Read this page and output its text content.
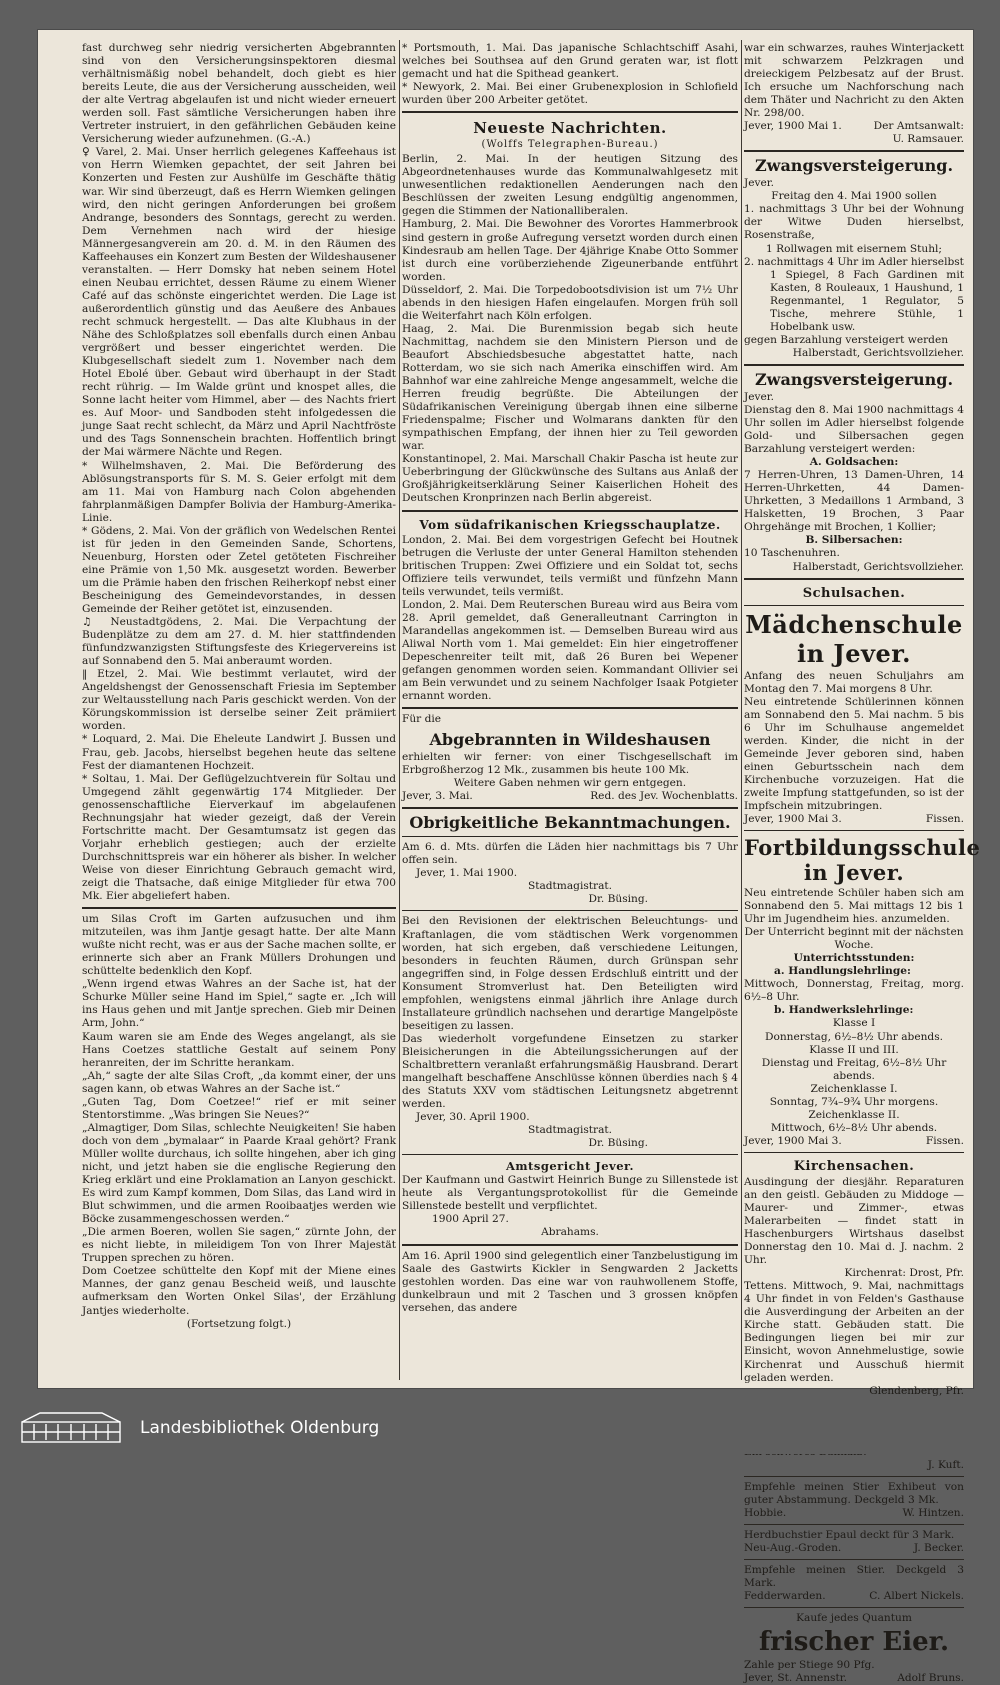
fast durchweg sehr niedrig versicherten Abgebrannten sind von den Versicherungsinspektoren diesmal verhältnismäßig nobel behandelt, doch giebt es hier bereits Leute, die aus der Versicherung ausscheiden, weil der alte Vertrag abgelaufen ist und nicht wieder erneuert werden soll. Fast sämtliche Versicherungen haben ihre Vertreter instruiert, in den gefährlichen Gebäuden keine Versicherung wieder aufzunehmen. (G.-A.)

♀ Varel, 2. Mai. Unser herrlich gelegenes Kaffeehaus ist von Herrn Wiemken gepachtet, der seit Jahren bei Konzerten und Festen zur Aushülfe im Geschäfte thätig war. Wir sind überzeugt, daß es Herrn Wiemken gelingen wird, den nicht geringen Anforderungen bei großem Andrange, besonders des Sonntags, gerecht zu werden. Dem Vernehmen nach wird der hiesige Männergesangverein am 20. d. M. in den Räumen des Kaffeehauses ein Konzert zum Besten der Wildeshausener veranstalten. — Herr Domsky hat neben seinem Hotel einen Neubau errichtet, dessen Räume zu einem Wiener Café auf das schönste eingerichtet werden. Die Lage ist außerordentlich günstig und das Aeußere des Anbaues recht schmuck hergestellt. — Das alte Klubhaus in der Nähe des Schloßplatzes soll ebenfalls durch einen Anbau vergrößert und besser eingerichtet werden. Die Klubgesellschaft siedelt zum 1. November nach dem Hotel Ebolé über. Gebaut wird überhaupt in der Stadt recht rührig. — Im Walde grünt und knospet alles, die Sonne lacht heiter vom Himmel, aber — des Nachts friert es. Auf Moor- und Sandboden steht infolgedessen die junge Saat recht schlecht, da März und April Nachtfröste und des Tags Sonnenschein brachten. Hoffentlich bringt der Mai wärmere Nächte und Regen.

* Wilhelmshaven, 2. Mai. Die Beförderung des Ablösungstransports für S. M. S. Geier erfolgt mit dem am 11. Mai von Hamburg nach Colon abgehenden fahrplanmäßigen Dampfer Bolivia der Hamburg-Amerika-Linie.

* Gödens, 2. Mai. Von der gräflich von Wedelschen Rentei ist für jeden in den Gemeinden Sande, Schortens, Neuenburg, Horsten oder Zetel getöteten Fischreiher eine Prämie von 1,50 Mk. ausgesetzt worden. Bewerber um die Prämie haben den frischen Reiherkopf nebst einer Bescheinigung des Gemeindevorstandes, in dessen Gemeinde der Reiher getötet ist, einzusenden.

♫ Neustadtgödens, 2. Mai. Die Verpachtung der Budenplätze zu dem am 27. d. M. hier stattfindenden fünfundzwanzigsten Stiftungsfeste des Kriegervereins ist auf Sonnabend den 5. Mai anberaumt worden.

‖ Etzel, 2. Mai. Wie bestimmt verlautet, wird der Angeldshengst der Genossenschaft Friesia im September zur Weltausstellung nach Paris geschickt werden. Von der Körungskommission ist derselbe seiner Zeit prämiiert worden.

* Loquard, 2. Mai. Die Eheleute Landwirt J. Bussen und Frau, geb. Jacobs, hierselbst begehen heute das seltene Fest der diamantenen Hochzeit.

* Soltau, 1. Mai. Der Geflügelzuchtverein für Soltau und Umgegend zählt gegenwärtig 174 Mitglieder. Der genossenschaftliche Eierverkauf im abgelaufenen Rechnungsjahr hat wieder gezeigt, daß der Verein Fortschritte macht. Der Gesamtumsatz ist gegen das Vorjahr erheblich gestiegen; auch der erzielte Durchschnittspreis war ein höherer als bisher. In welcher Weise von dieser Einrichtung Gebrauch gemacht wird, zeigt die Thatsache, daß einige Mitglieder für etwa 700 Mk. Eier abgeliefert haben.

um Silas Croft im Garten aufzusuchen und ihm mitzuteilen, was ihm Jantje gesagt hatte. Der alte Mann wußte nicht recht, was er aus der Sache machen sollte, er erinnerte sich aber an Frank Müllers Drohungen und schüttelte bedenklich den Kopf.

„Wenn irgend etwas Wahres an der Sache ist, hat der Schurke Müller seine Hand im Spiel,“ sagte er. „Ich will ins Haus gehen und mit Jantje sprechen. Gieb mir Deinen Arm, John.“

Kaum waren sie am Ende des Weges angelangt, als sie Hans Coetzes stattliche Gestalt auf seinem Pony heranreiten, der im Schritte herankam.

„Ah,“ sagte der alte Silas Croft, „da kommt einer, der uns sagen kann, ob etwas Wahres an der Sache ist.“

„Guten Tag, Dom Coetzee!“ rief er mit seiner Stentorstimme. „Was bringen Sie Neues?“

„Almagtiger, Dom Silas, schlechte Neuigkeiten! Sie haben doch von dem „bymalaar“ in Paarde Kraal gehört? Frank Müller wollte durchaus, ich sollte hingehen, aber ich ging nicht, und jetzt haben sie die englische Regierung den Krieg erklärt und eine Proklamation an Lanyon geschickt. Es wird zum Kampf kommen, Dom Silas, das Land wird in Blut schwimmen, und die armen Rooibaatjes werden wie Böcke zusammengeschossen werden.“

„Die armen Boeren, wollen Sie sagen,“ zürnte John, der es nicht liebte, in mileidigem Ton von Ihrer Majestät Truppen sprechen zu hören.

Dom Coetzee schüttelte den Kopf mit der Miene eines Mannes, der ganz genau Bescheid weiß, und lauschte aufmerksam den Worten Onkel Silas', der Erzählung Jantjes wiederholte.

(Fortsetzung folgt.)

* Portsmouth, 1. Mai. Das japanische Schlachtschiff Asahi, welches bei Southsea auf den Grund geraten war, ist flott gemacht und hat die Spithead geankert.

* Newyork, 2. Mai. Bei einer Grubenexplosion in Schlofield wurden über 200 Arbeiter getötet.

Neueste Nachrichten.
(Wolffs Telegraphen-Bureau.)

Berlin, 2. Mai. In der heutigen Sitzung des Abgeordnetenhauses wurde das Kommunalwahlgesetz mit unwesentlichen redaktionellen Aenderungen nach den Beschlüssen der zweiten Lesung endgültig angenommen, gegen die Stimmen der Nationalliberalen.

Hamburg, 2. Mai. Die Bewohner des Vorortes Hammerbrook sind gestern in große Aufregung versetzt worden durch einen Kindesraub am hellen Tage. Der 4jährige Knabe Otto Sommer ist durch eine vorüberziehende Zigeunerbande entführt worden.

Düsseldorf, 2. Mai. Die Torpedobootsdivision ist um 7½ Uhr abends in den hiesigen Hafen eingelaufen. Morgen früh soll die Weiterfahrt nach Köln erfolgen.

Haag, 2. Mai. Die Burenmission begab sich heute Nachmittag, nachdem sie den Ministern Pierson und de Beaufort Abschiedsbesuche abgestattet hatte, nach Rotterdam, wo sie sich nach Amerika einschiffen wird. Am Bahnhof war eine zahlreiche Menge angesammelt, welche die Herren freudig begrüßte. Die Abteilungen der Südafrikanischen Vereinigung übergab ihnen eine silberne Friedenspalme; Fischer und Wolmarans dankten für den sympathischen Empfang, der ihnen hier zu Teil geworden war.

Konstantinopel, 2. Mai. Marschall Chakir Pascha ist heute zur Ueberbringung der Glückwünsche des Sultans aus Anlaß der Großjährigkeitserklärung Seiner Kaiserlichen Hoheit des Deutschen Kronprinzen nach Berlin abgereist.

Vom südafrikanischen Kriegsschauplatze.

London, 2. Mai. Bei dem vorgestrigen Gefecht bei Houtnek betrugen die Verluste der unter General Hamilton stehenden britischen Truppen: Zwei Offiziere und ein Soldat tot, sechs Offiziere teils verwundet, teils vermißt und fünfzehn Mann teils verwundet, teils vermißt.

London, 2. Mai. Dem Reuterschen Bureau wird aus Beira vom 28. April gemeldet, daß Generalleutnant Carrington in Marandellas angekommen ist. — Demselben Bureau wird aus Aliwal North vom 1. Mai gemeldet: Ein hier eingetroffener Depeschenreiter teilt mit, daß 26 Buren bei Wepener gefangen genommen worden seien. Kommandant Ollivier sei am Bein verwundet und zu seinem Nachfolger Isaak Potgieter ernannt worden.

Für die

Abgebrannten in Wildeshausen

erhielten wir ferner: von einer Tischgesellschaft im Erbgroßherzog 12 Mk., zusammen bis heute 100 Mk.

Weitere Gaben nehmen wir gern entgegen.

Jever, 3. Mai.	Red. des Jev. Wochenblatts.
Obrigkeitliche Bekanntmachungen.

Am 6. d. Mts. dürfen die Läden hier nachmittags bis 7 Uhr offen sein.

Jever, 1. Mai 1900.

Stadtmagistrat.

Dr. Büsing.

Bei den Revisionen der elektrischen Beleuchtungs- und Kraftanlagen, die vom städtischen Werk vorgenommen worden, hat sich ergeben, daß verschiedene Leitungen, besonders in feuchten Räumen, durch Grünspan sehr angegriffen sind, in Folge dessen Erdschluß eintritt und der Konsument Stromverlust hat. Den Beteiligten wird empfohlen, wenigstens einmal jährlich ihre Anlage durch Installateure gründlich nachsehen und derartige Mangelpöste beseitigen zu lassen.

Das wiederholt vorgefundene Einsetzen zu starker Bleisicherungen in die Abteilungssicherungen auf der Schaltbrettern veranlaßt erfahrungsmäßig Hausbrand. Derart mangelhaft beschaffene Anschlüsse können überdies nach § 4 des Statuts XXV vom städtischen Leitungsnetz abgetrennt werden.

Jever, 30. April 1900.

Stadtmagistrat.

Dr. Büsing.

Amtsgericht Jever.

Der Kaufmann und Gastwirt Heinrich Bunge zu Sillenstede ist heute als Vergantungsprotokollist für die Gemeinde Sillenstede bestellt und verpflichtet.

1900 April 27.

Abrahams.

Am 16. April 1900 sind gelegentlich einer Tanzbelustigung im Saale des Gastwirts Kickler in Sengwarden 2 Jacketts gestohlen worden. Das eine war von rauhwollenem Stoffe, dunkelbraun und mit 2 Taschen und 3 grossen knöpfen versehen, das andere

war ein schwarzes, rauhes Winterjackett mit schwarzem Pelzkragen und dreieckigem Pelzbesatz auf der Brust. Ich ersuche um Nachforschung nach dem Thäter und Nachricht zu den Akten Nr. 298/00.

Jever, 1900 Mai 1.	Der Amtsanwalt:

U. Ramsauer.

Zwangsversteigerung.

Jever.

Freitag den 4. Mai 1900 sollen

1. nachmittags 3 Uhr bei der Wohnung der Witwe Duden hierselbst, Rosenstraße,

1 Rollwagen mit eisernem Stuhl;

2. nachmittags 4 Uhr im Adler hierselbst

1 Spiegel, 8 Fach Gardinen mit Kasten, 8 Rouleaux, 1 Haushund, 1 Regenmantel, 1 Regulator, 5 Tische, mehrere Stühle, 1 Hobelbank usw.

gegen Barzahlung versteigert werden

Halberstadt, Gerichtsvollzieher.

Zwangsversteigerung.

Jever.

Dienstag den 8. Mai 1900 nachmittags 4 Uhr sollen im Adler hierselbst folgende Gold- und Silbersachen gegen Barzahlung versteigert werden:

A. Goldsachen:

7 Herren-Uhren, 13 Damen-Uhren, 14 Herren-Uhrketten, 44 Damen-Uhrketten, 3 Medaillons 1 Armband, 3 Halsketten, 19 Brochen, 3 Paar Ohrgehänge mit Brochen, 1 Kollier;

B. Silbersachen:

10 Taschenuhren.

Halberstadt, Gerichtsvollzieher.

Schulsachen.
Mädchenschule in Jever.

Anfang des neuen Schuljahrs am Montag den 7. Mai morgens 8 Uhr.

Neu eintretende Schülerinnen können am Sonnabend den 5. Mai nachm. 5 bis 6 Uhr im Schulhause angemeldet werden. Kinder, die nicht in der Gemeinde Jever geboren sind, haben einen Geburtsschein nach dem Kirchenbuche vorzuzeigen. Hat die zweite Impfung stattgefunden, so ist der Impfschein mitzubringen.

Jever, 1900 Mai 3.	Fissen.
Fortbildungsschule in Jever.

Neu eintretende Schüler haben sich am Sonnabend den 5. Mai mittags 12 bis 1 Uhr im Jugendheim hies. anzumelden.

Der Unterricht beginnt mit der nächsten Woche.

Unterrichtsstunden:

a. Handlungslehrlinge:

Mittwoch, Donnerstag, Freitag, morg. 6½–8 Uhr.

b. Handwerkslehrlinge:

Klasse I

Donnerstag, 6½–8½ Uhr abends.

Klasse II und III.

Dienstag und Freitag, 6½–8½ Uhr abends.

Zeichenklasse I.

Sonntag, 7¾–9¾ Uhr morgens.

Zeichenklasse II.

Mittwoch, 6½–8½ Uhr abends.

Jever, 1900 Mai 3.	Fissen.
Kirchensachen.

Ausdingung der diesjähr. Reparaturen an den geistl. Gebäuden zu Middoge — Maurer- und Zimmer-, etwas Malerarbeiten — findet statt in Haschenburgers Wirtshaus daselbst Donnerstag den 10. Mai d. J. nachm. 2 Uhr.

Kirchenrat: Drost, Pfr.

Tettens. Mittwoch, 9. Mai, nachmittags 4 Uhr findet in von Felden's Gasthause die Ausverdingung der Arbeiten an der Kirche statt. Gebäuden statt. Die Bedingungen liegen bei mir zur Einsicht, wovon Annehmelustige, sowie Kirchenrat und Ausschuß hiermit geladen werden.

Glendenberg, Pfr.

J. Kuft.

Empfehle meinen Stier Exhibeut von guter Abstammung. Deckgeld 3 Mk.

Hobbie.	W. Hintzen.

Herdbuchstier Epaul deckt für 3 Mark.

Neu-Aug.-Groden.	J. Becker.

Empfehle meinen Stier. Deckgeld 3 Mark.

Fedderwarden.	C. Albert Nickels.

Kaufe jedes Quantum

frischer Eier.

Zahle per Stiege 90 Pfg.

Jever, St. Annenstr.	Adolf Bruns.
Landesbibliothek Oldenburg
